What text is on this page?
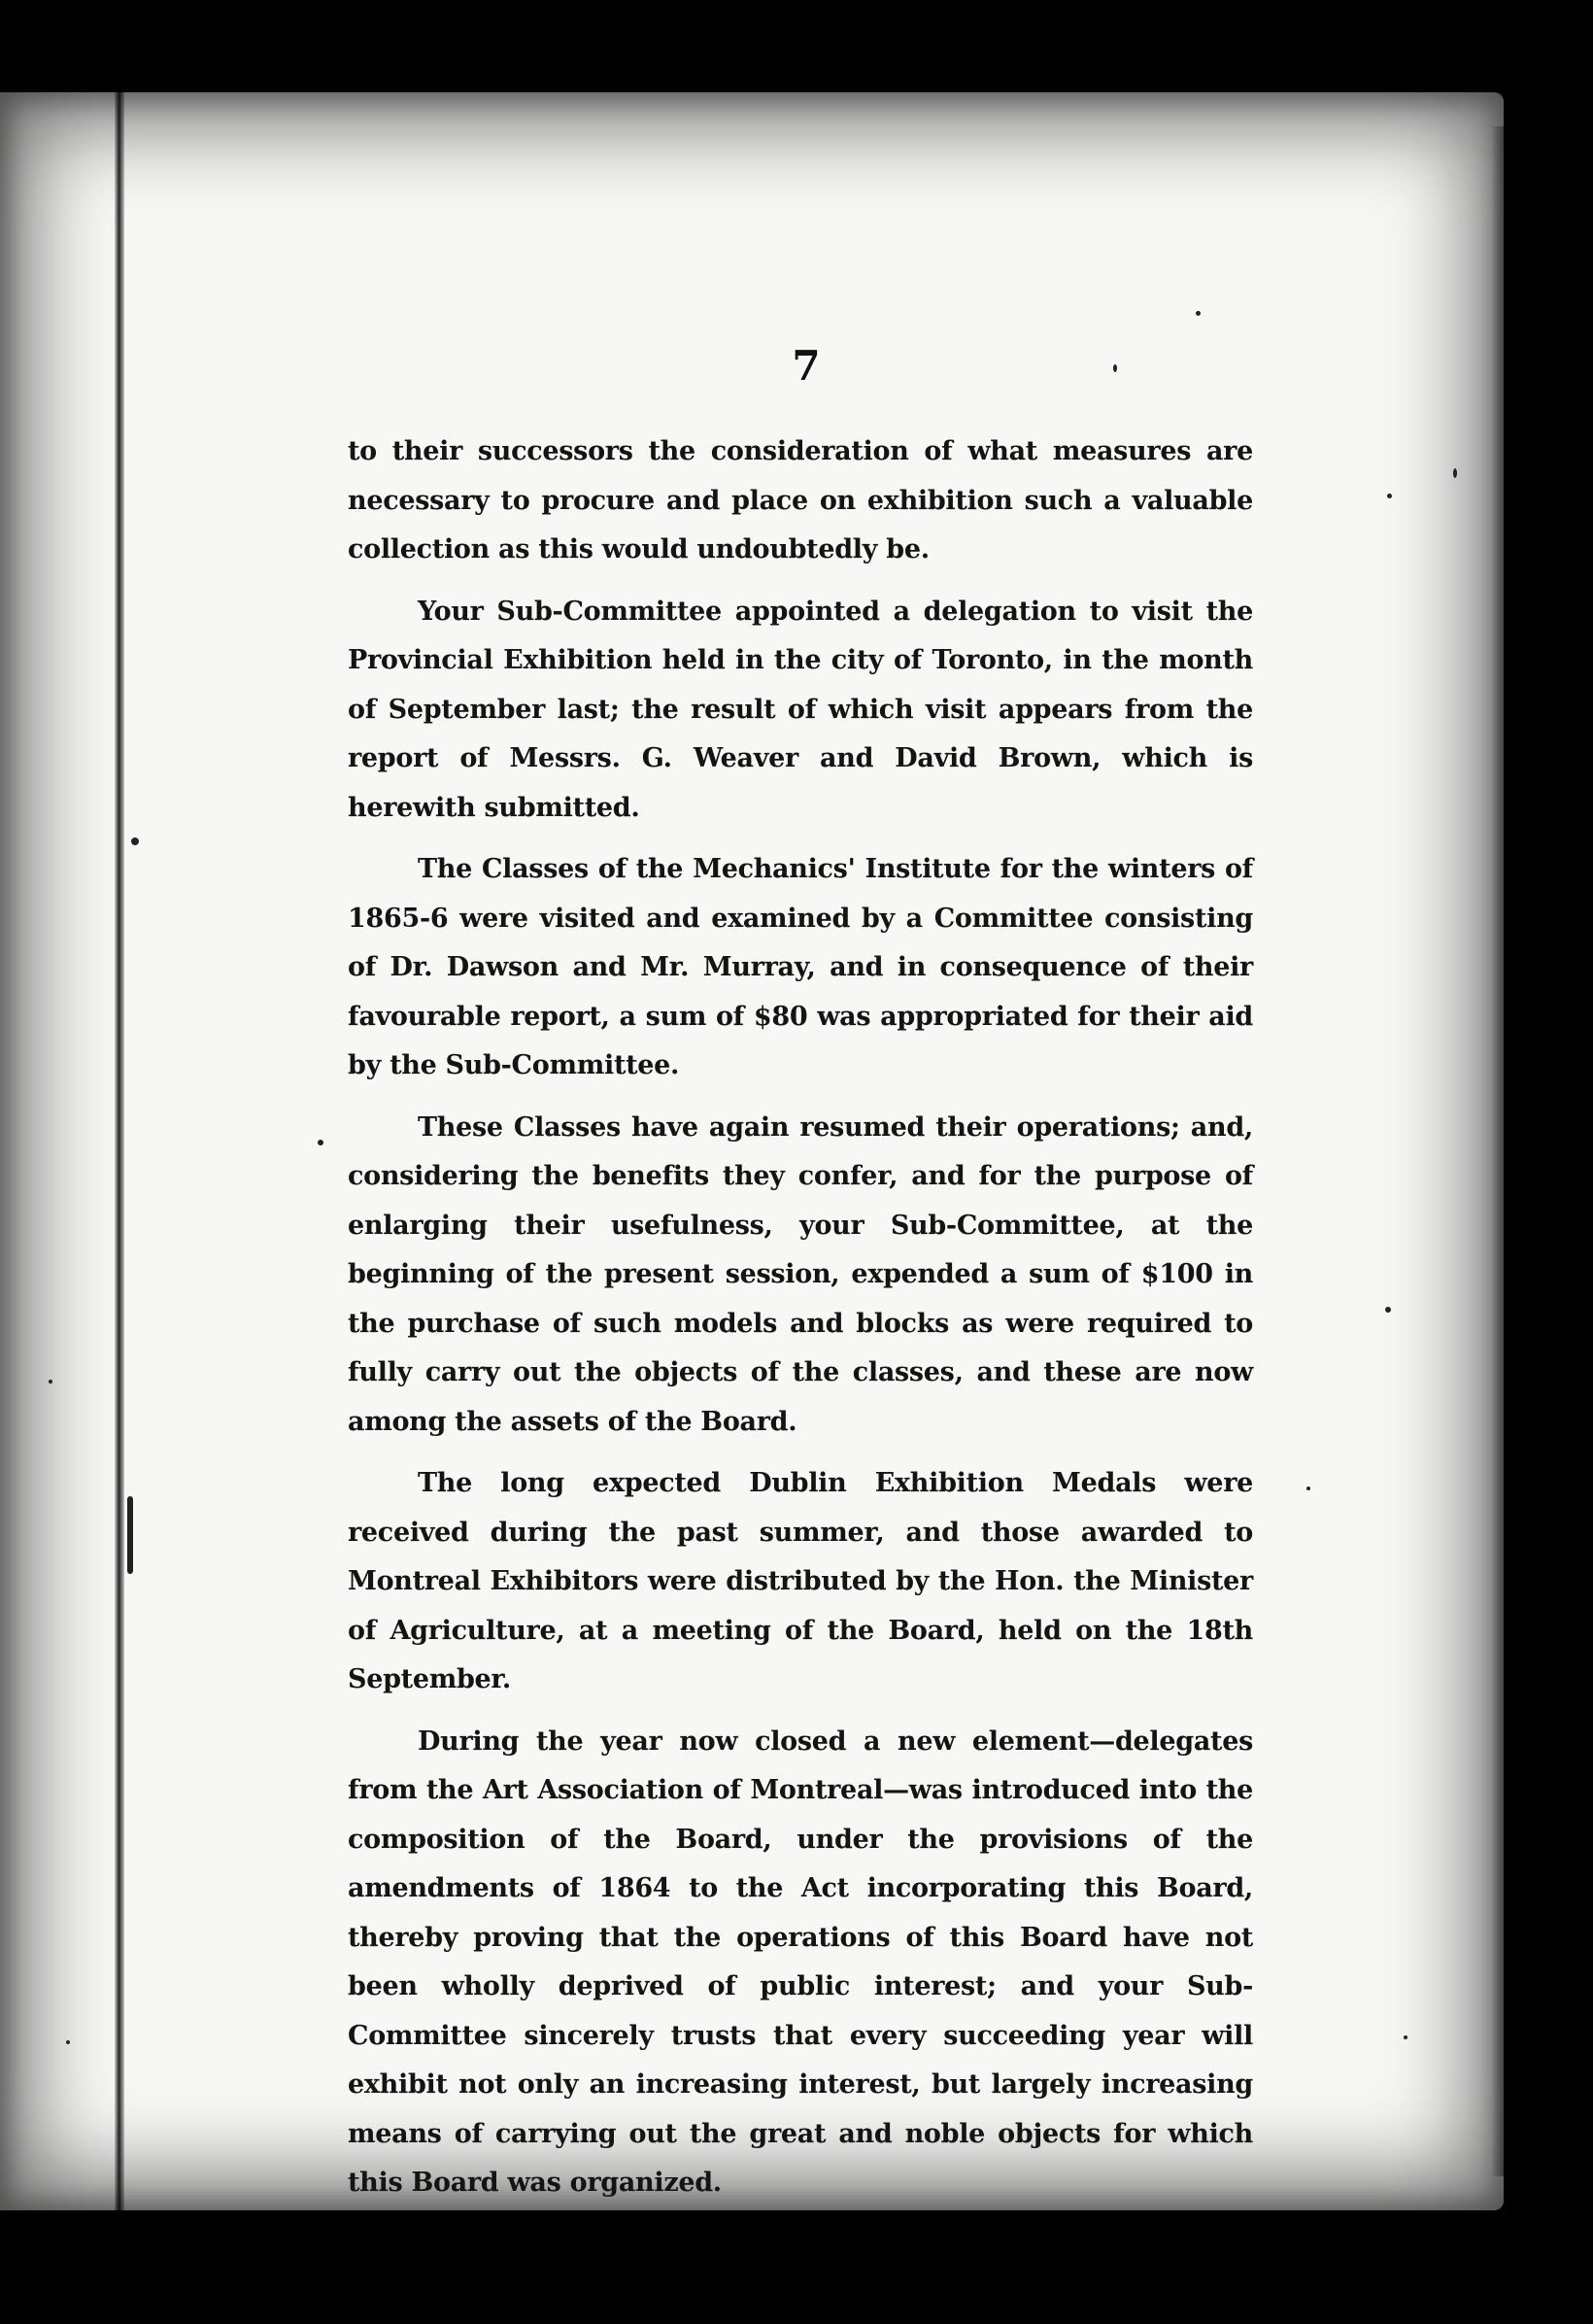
7

to their successors the consideration of what measures are necessary to procure and place on exhibition such a valuable collection as this would undoubtedly be.

Your Sub-Committee appointed a delegation to visit the Provincial Exhibition held in the city of Toronto, in the month of September last; the result of which visit appears from the report of Messrs. G. Weaver and David Brown, which is herewith submitted.

The Classes of the Mechanics' Institute for the winters of 1865-6 were visited and examined by a Committee consisting of Dr. Dawson and Mr. Murray, and in consequence of their favourable report, a sum of $80 was appropriated for their aid by the Sub-Committee.

These Classes have again resumed their operations; and, considering the benefits they confer, and for the purpose of enlarging their usefulness, your Sub-Committee, at the beginning of the present session, expended a sum of $100 in the purchase of such models and blocks as were required to fully carry out the objects of the classes, and these are now among the assets of the Board.

The long expected Dublin Exhibition Medals were received during the past summer, and those awarded to Montreal Exhibitors were distributed by the Hon. the Minister of Agriculture, at a meeting of the Board, held on the 18th September.

During the year now closed a new element—delegates from the Art Association of Montreal—was introduced into the composition of the Board, under the provisions of the amendments of 1864 to the Act incorporating this Board, thereby proving that the operations of this Board have not been wholly deprived of public interest; and your Sub-Committee sincerely trusts that every succeeding year will exhibit not only an increasing interest, but largely increasing means of carrying out the great and noble objects for which this Board was organized.
